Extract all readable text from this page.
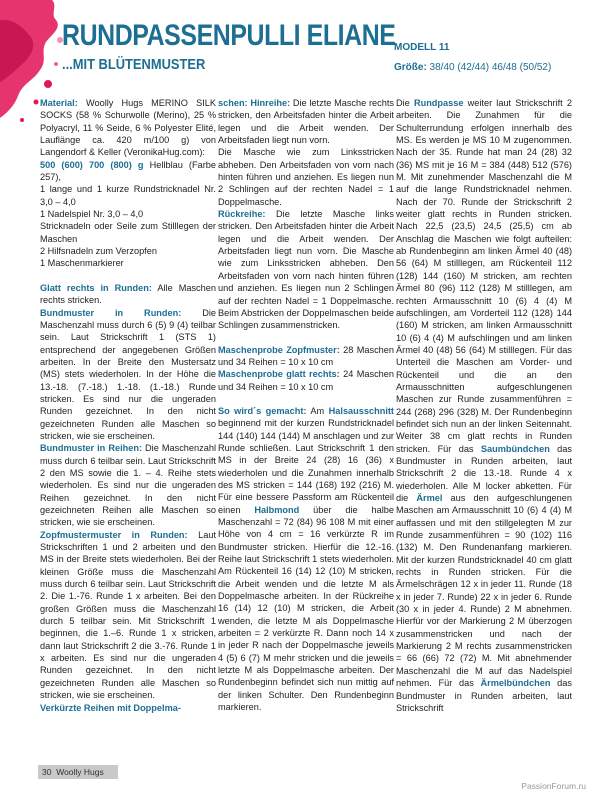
RUNDPASSENPULLI ELIANE
...MIT BLÜTENMUSTER
MODELL 11
Größe: 38/40 (42/44) 46/48 (50/52)

Material: Woolly Hugs MERINO SILK SOCKS (58 % Schurwolle (Merino), 25 % Polyacryl, 11 % Seide, 6 % Polyester Elité, Lauflänge ca. 420 m/100 g) von Langendorf & Keller (VeronikaHug.com):

500 (600) 700 (800) g Hellblau (Farbe 257),

1 lange und 1 kurze Rundstricknadel Nr. 3,0 – 4,0

1 Nadelspiel Nr. 3,0 – 4,0

Stricknadeln oder Seile zum Stilllegen der Maschen

2 Hilfsnadeln zum Verzopfen

1 Maschenmarkierer

Glatt rechts in Runden: Alle Maschen rechts stricken.

Bundmuster in Runden: Die Maschenzahl muss durch 6 (5) 9 (4) teilbar sein. Laut Strickschrift 1 (STS 1) entsprechend der angegebenen Größen arbeiten. In der Breite den Mustersatz (MS) stets wiederholen. In der Höhe die 13.-18. (7.-18.) 1.-18. (1.-18.) Runde stricken. Es sind nur die ungeraden Runden gezeichnet. In den nicht gezeichneten Runden alle Maschen so stricken, wie sie erscheinen.

Bundmuster in Reihen: Die Maschenzahl muss durch 6 teilbar sein. Laut Strickschrift 2 den MS sowie die 1. – 4. Reihe stets wiederholen. Es sind nur die ungeraden Reihen gezeichnet. In den nicht gezeichneten Reihen alle Maschen so stricken, wie sie erscheinen.

Zopfmustermuster in Runden: Laut Strickschriften 1 und 2 arbeiten und den MS in der Breite stets wiederholen. Bei der kleinen Größe muss die Maschenzahl muss durch 6 teilbar sein. Laut Strickschrift 2. Die 1.-76. Runde 1 x arbeiten. Bei den großen Größen muss die Maschenzahl durch 5 teilbar sein. Mit Strickschrift 1 beginnen, die 1.–6. Runde 1 x stricken, dann laut Strickschrift 2 die 3.-76. Runde 1 x arbeiten. Es sind nur die ungeraden Runden gezeichnet. In den nicht gezeichneten Runden alle Maschen so stricken, wie sie erscheinen.

Verkürzte Reihen mit Doppelma-

schen: Hinreihe: Die letzte Masche rechts stricken, den Arbeitsfaden hinter die Arbeit legen und die Arbeit wenden. Der Arbeitsfaden liegt nun vorn.

Die Masche wie zum Linksstricken abheben. Den Arbeitsfaden von vorn nach hinten führen und anziehen. Es liegen nun 2 Schlingen auf der rechten Nadel = 1 Doppelmasche.

Rückreihe: Die letzte Masche links stricken. Den Arbeitsfaden hinter die Arbeit legen und die Arbeit wenden. Der Arbeitsfaden liegt nun vorn. Die Masche wie zum Linksstricken abheben. Den Arbeitsfaden von vorn nach hinten führen und anziehen. Es liegen nun 2 Schlingen auf der rechten Nadel = 1 Doppelmasche. Beim Abstricken der Doppelmaschen beide Schlingen zusammenstricken.

Maschenprobe Zopfmuster: 28 Maschen und 34 Reihen = 10 x 10 cm

Maschenprobe glatt rechts: 24 Maschen und 34 Reihen = 10 x 10 cm

So wird´s gemacht: Am Halsausschnitt beginnend mit der kurzen Rundstricknadel 144 (140) 144 (144) M anschlagen und zur Runde schließen. Laut Strickschrift 1 den MS in der Breite 24 (28) 16 (36) x wiederholen und die Zunahmen innerhalb des MS stricken = 144 (168) 192 (216) M. Für eine bessere Passform am Rückenteil einen Halbmond über die halbe Maschenzahl = 72 (84) 96 108 M mit einer Höhe von 4 cm = 16 verkürzte R im Bundmuster stricken. Hierfür die 12.-16. Reihe laut Strickschrift 1 stets wiederholen. Am Rückenteil 16 (14) 12 (10) M stricken, die Arbeit wenden und die letzte M als Doppelmasche arbeiten. In der Rückreihe 16 (14) 12 (10) M stricken, die Arbeit wenden, die letzte M als Doppelmasche arbeiten = 2 verkürzte R. Dann noch 14 x in jeder R nach der Doppelmasche jeweils 4 (5) 6 (7) M mehr stricken und die jeweils letzte M als Doppelmasche arbeiten. Der Rundenbeginn befindet sich nun mittig auf der linken Schulter. Den Rundenbeginn markieren.

Die Rundpasse weiter laut Strickschrift 2 arbeiten. Die Zunahmen für die Schulterrundung erfolgen innerhalb des MS. Es werden je MS 10 M zugenommen. Nach der 35. Runde hat man 24 (28) 32 (36) MS mit je 16 M = 384 (448) 512 (576) M. Mit zunehmender Maschenzahl die M auf die lange Rundstricknadel nehmen. Nach der 70. Runde der Strickschrift 2 weiter glatt rechts in Runden stricken. Nach 22,5 (23,5) 24,5 (25,5) cm ab Anschlag die Maschen wie folgt aufteilen: ab Rundenbeginn am linken Ärmel 40 (48) 56 (64) M stilllegen, am Rückenteil 112 (128) 144 (160) M stricken, am rechten Ärmel 80 (96) 112 (128) M stilllegen, am rechten Armausschnitt 10 (6) 4 (4) M aufschlingen, am Vorderteil 112 (128) 144 (160) M stricken, am linken Armausschnitt 10 (6) 4 (4) M aufschlingen und am linken Ärmel 40 (48) 56 (64) M stilllegen. Für das Unterteil die Maschen am Vorder- und Rückenteil und die an den Armausschnitten aufgeschlungenen Maschen zur Runde zusammenführen = 244 (268) 296 (328) M. Der Rundenbeginn befindet sich nun an der linken Seitennaht. Weiter 38 cm glatt rechts in Runden stricken. Für das Saumbündchen das Bundmuster in Runden arbeiten, laut Strickschrift 2 die 13.-18. Runde 4 x wiederholen. Alle M locker abketten. Für die Ärmel aus den aufgeschlungenen Maschen am Armausschnitt 10 (6) 4 (4) M auffassen und mit den stillgelegten M zur Runde zusammenführen = 90 (102) 116 (132) M. Den Rundenanfang markieren. Mit der kurzen Rundstricknadel 40 cm glatt rechts in Runden stricken. Für die Ärmelschrägen 12 x in jeder 11. Runde (18 x in jeder 7. Runde) 22 x in jeder 6. Runde (30 x in jeder 4. Runde) 2 M abnehmen. Hierfür vor der Markierung 2 M überzogen zusammenstricken und nach der Markierung 2 M rechts zusammenstricken = 66 (66) 72 (72) M. Mit abnehmender Maschenzahl die M auf das Nadelspiel nehmen. Für das Ärmelbündchen das Bundmuster in Runden arbeiten, laut Strickschrift

30 Woolly Hugs
PassionForum.ru
